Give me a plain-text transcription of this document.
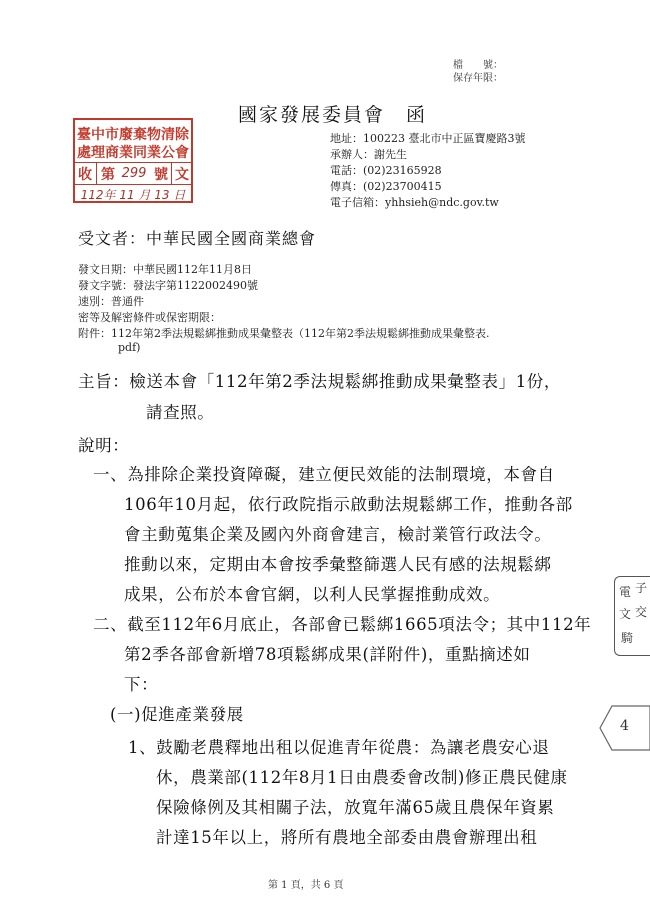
檔　　號：
保存年限：
國家發展委員會　函
臺中市廢棄物清除
處理商業同業公會
收 第 299 號 文
112年 11 月 13 日
地址：100223 臺北市中正區寶慶路3號
承辦人：謝先生
電話：(02)23165928
傳真：(02)23700415
電子信箱：yhhsieh@ndc.gov.tw
受文者：中華民國全國商業總會
發文日期：中華民國112年11月8日
發文字號：發法字第1122002490號
速別：普通件
密等及解密條件或保密期限：
附件：112年第2季法規鬆綁推動成果彙整表（112年第2季法規鬆綁推動成果彙整表.
pdf)
主旨：檢送本會「112年第2季法規鬆綁推動成果彙整表」1份，
請查照。
說明：
一、為排除企業投資障礙，建立便民效能的法制環境，本會自
106年10月起，依行政院指示啟動法規鬆綁工作，推動各部
會主動蒐集企業及國內外商會建言，檢討業管行政法令。
推動以來，定期由本會按季彙整篩選人民有感的法規鬆綁
成果，公布於本會官網，以利人民掌握推動成效。
二、截至112年6月底止，各部會已鬆綁1665項法令；其中112年
第2季各部會新增78項鬆綁成果(詳附件)，重點摘述如
下：
(一)促進產業發展
1、鼓勵老農釋地出租以促進青年從農：為讓老農安心退
休，農業部(112年8月1日由農委會改制)修正農民健康
保險條例及其相關子法，放寬年滿65歲且農保年資累
計達15年以上，將所有農地全部委由農會辦理出租
電 子
文 交
騎
4
第 1 頁，共 6 頁
